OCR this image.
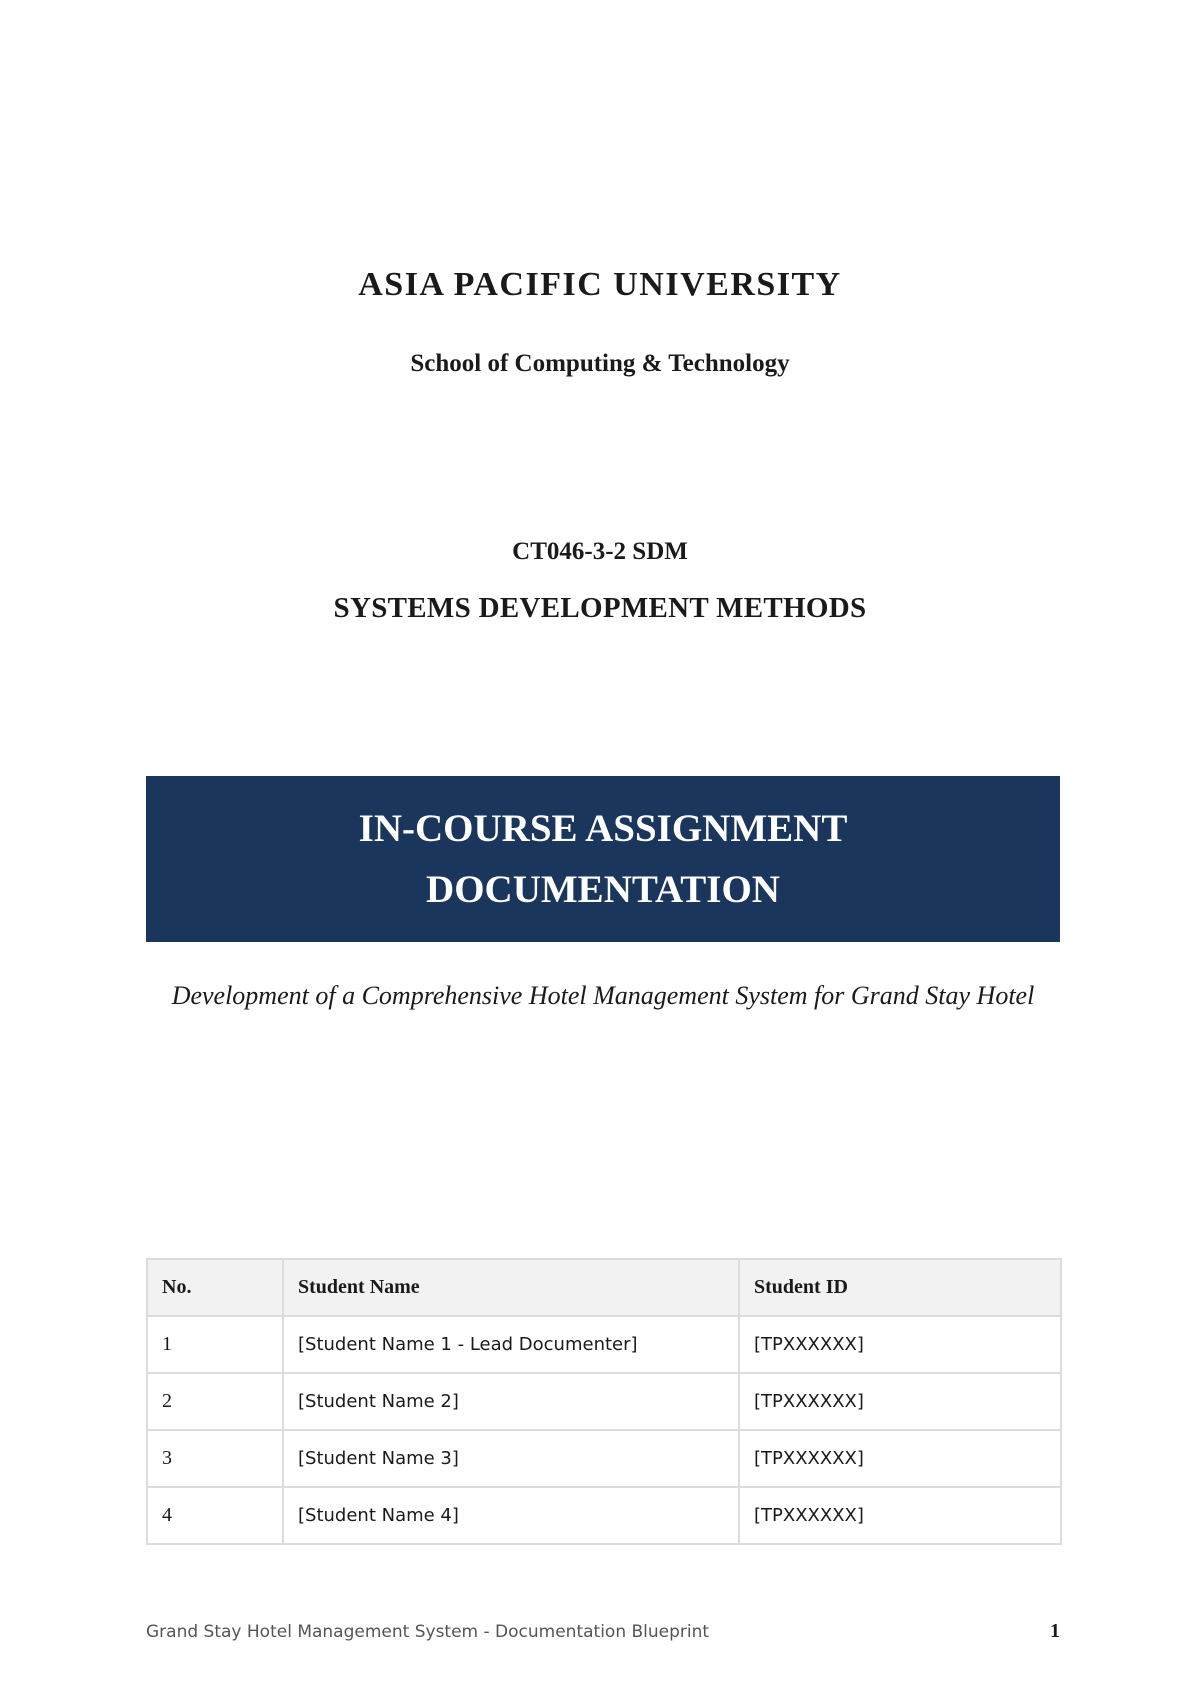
ASIA PACIFIC UNIVERSITY
School of Computing & Technology
CT046-3-2 SDM
SYSTEMS DEVELOPMENT METHODS
IN-COURSE ASSIGNMENT
DOCUMENTATION
Development of a Comprehensive Hotel Management System for Grand Stay Hotel
No.	Student Name	Student ID
1	[Student Name 1 - Lead Documenter]	[TPXXXXXX]
2	[Student Name 2]	[TPXXXXXX]
3	[Student Name 3]	[TPXXXXXX]
4	[Student Name 4]	[TPXXXXXX]
Grand Stay Hotel Management System - Documentation Blueprint	1
